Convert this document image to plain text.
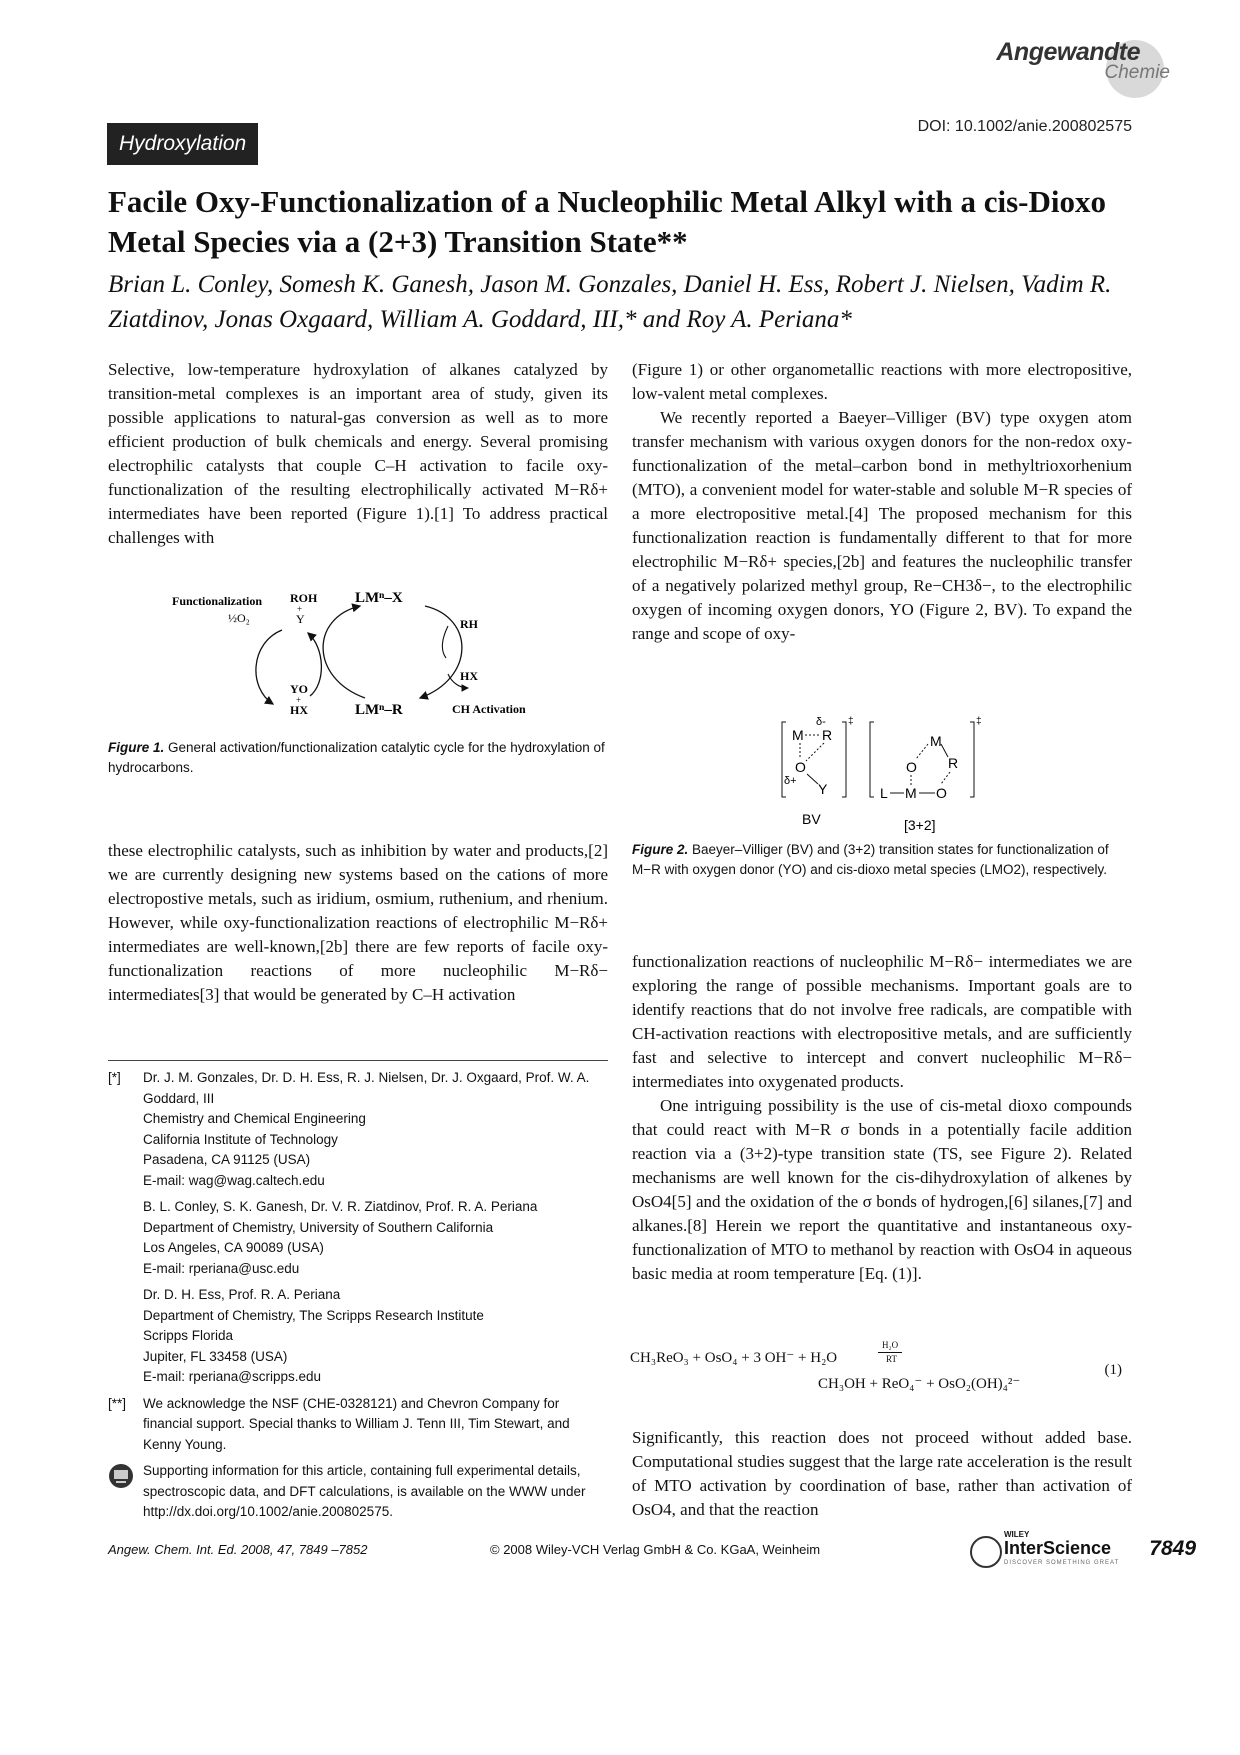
Angewandte
Chemie
Hydroxylation
DOI: 10.1002/anie.200802575
Facile Oxy-Functionalization of a Nucleophilic Metal Alkyl with a cis-Dioxo Metal Species via a (2+3) Transition State**
Brian L. Conley, Somesh K. Ganesh, Jason M. Gonzales, Daniel H. Ess, Robert J. Nielsen, Vadim R. Ziatdinov, Jonas Oxgaard, William A. Goddard, III,* and Roy A. Periana*

Selective, low-temperature hydroxylation of alkanes catalyzed by transition-metal complexes is an important area of study, given its possible applications to natural-gas conversion as well as to more efficient production of bulk chemicals and energy. Several promising electrophilic catalysts that couple C–H activation to facile oxy-functionalization of the resulting electrophilically activated M−Rδ+ intermediates have been reported (Figure 1).[1] To address practical challenges with

Functionalization
½O₂
ROH
+
Y
YO
+
HX
LMⁿ–X
LMⁿ–R
RH
HX
CH Activation
Figure 1. General activation/functionalization catalytic cycle for the hydroxylation of hydrocarbons.

these electrophilic catalysts, such as inhibition by water and products,[2] we are currently designing new systems based on the cations of more electropostive metals, such as iridium, osmium, ruthenium, and rhenium. However, while oxy-functionalization reactions of electrophilic M−Rδ+ intermediates are well-known,[2b] there are few reports of facile oxy-functionalization reactions of more nucleophilic M−Rδ− intermediates[3] that would be generated by C–H activation

[*] Dr. J. M. Gonzales, Dr. D. H. Ess, R. J. Nielsen, Dr. J. Oxgaard, Prof. W. A. Goddard, III
Chemistry and Chemical Engineering
California Institute of Technology
Pasadena, CA 91125 (USA)
E-mail: wag@wag.caltech.edu
B. L. Conley, S. K. Ganesh, Dr. V. R. Ziatdinov, Prof. R. A. Periana
Department of Chemistry, University of Southern California
Los Angeles, CA 90089 (USA)
E-mail: rperiana@usc.edu
Dr. D. H. Ess, Prof. R. A. Periana
Department of Chemistry, The Scripps Research Institute
Scripps Florida
Jupiter, FL 33458 (USA)
E-mail: rperiana@scripps.edu
[**] We acknowledge the NSF (CHE-0328121) and Chevron Company for financial support. Special thanks to William J. Tenn III, Tim Stewart, and Kenny Young.
Supporting information for this article, containing full experimental details, spectroscopic data, and DFT calculations, is available on the WWW under http://dx.doi.org/10.1002/anie.200802575.

(Figure 1) or other organometallic reactions with more electropositive, low-valent metal complexes.

We recently reported a Baeyer–Villiger (BV) type oxygen atom transfer mechanism with various oxygen donors for the non-redox oxy-functionalization of the metal–carbon bond in methyltrioxorhenium (MTO), a convenient model for water-stable and soluble M−R species of a more electropositive metal.[4] The proposed mechanism for this functionalization reaction is fundamentally different to that for more electrophilic M−Rδ+ species,[2b] and features the nucleophilic transfer of a negatively polarized methyl group, Re−CH3δ−, to the electrophilic oxygen of incoming oxygen donors, YO (Figure 2, BV). To expand the range and scope of oxy-

‡
δ-
M R
O
δ+ Y
BV
‡
M
R
O
L M O
[3+2]
Figure 2. Baeyer–Villiger (BV) and (3+2) transition states for functionalization of M−R with oxygen donor (YO) and cis-dioxo metal species (LMO2), respectively.

functionalization reactions of nucleophilic M−Rδ− intermediates we are exploring the range of possible mechanisms. Important goals are to identify reactions that do not involve free radicals, are compatible with CH-activation reactions with electropositive metals, and are sufficiently fast and selective to intercept and convert nucleophilic M−Rδ− intermediates into oxygenated products.

One intriguing possibility is the use of cis-metal dioxo compounds that could react with M−R σ bonds in a potentially facile addition reaction via a (3+2)-type transition state (TS, see Figure 2). Related mechanisms are well known for the cis-dihydroxylation of alkenes by OsO4[5] and the oxidation of the σ bonds of hydrogen,[6] silanes,[7] and alkanes.[8] Herein we report the quantitative and instantaneous oxy-functionalization of MTO to methanol by reaction with OsO4 in aqueous basic media at room temperature [Eq. (1)].

CH₃ReO₃ + OsO₄ + 3 OH⁻ + H₂O
H₂O
RT
CH₃OH + ReO₄⁻ + OsO₂(OH)₄²⁻
(1)

Significantly, this reaction does not proceed without added base. Computational studies suggest that the large rate acceleration is the result of MTO activation by coordination of base, rather than activation of OsO4, and that the reaction

Angew. Chem. Int. Ed. 2008, 47, 7849 –7852	© 2008 Wiley-VCH Verlag GmbH & Co. KGaA, Weinheim
WILEY
InterScience
DISCOVER SOMETHING GREAT
7849
